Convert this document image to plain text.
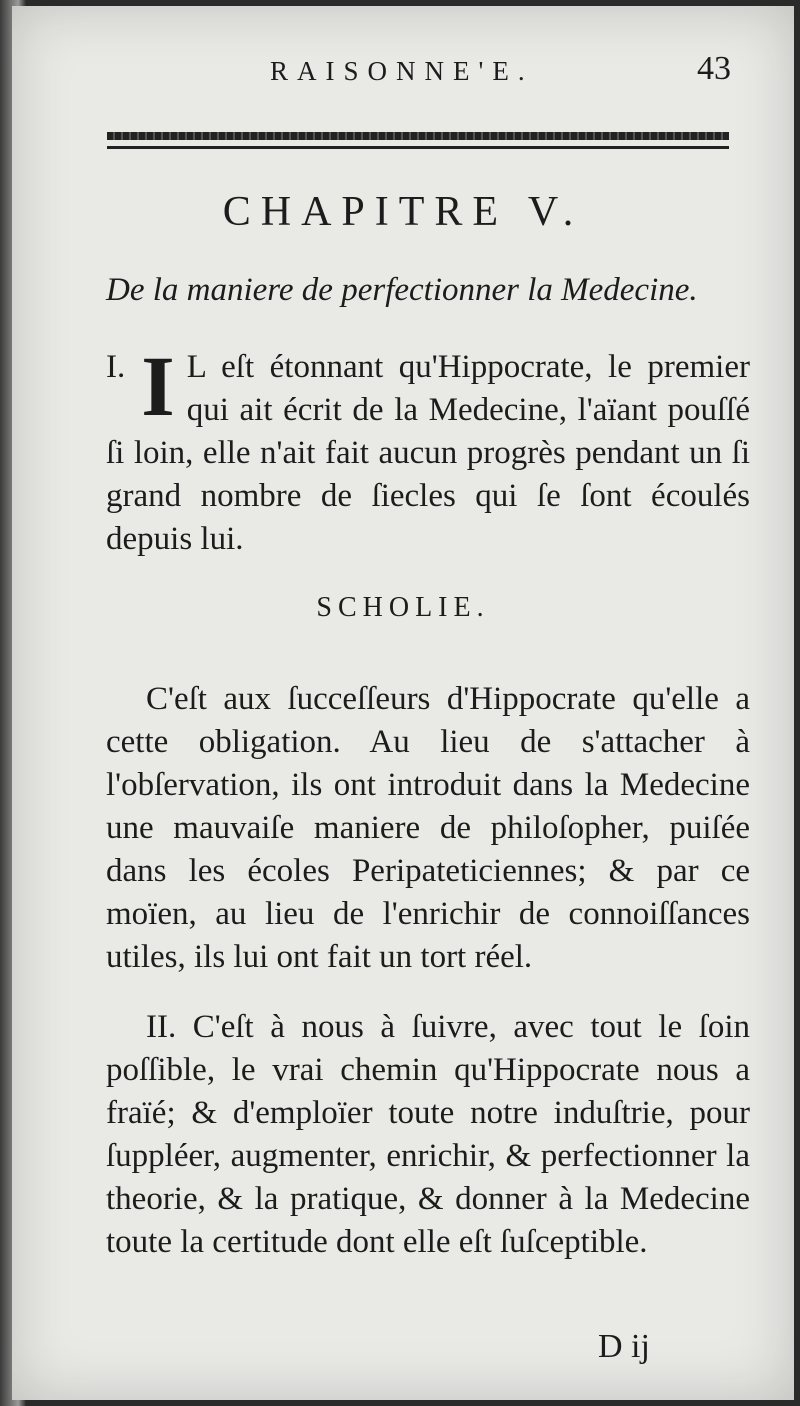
RAISONNE'E.	43
CHAPITRE V.
De la maniere de perfectionner la Medecine.
I. I L eſt étonnant qu'Hippocrate, le premier qui ait écrit de la Medecine, l'aïant pouſſé ſi loin, elle n'ait fait aucun progrès pendant un ſi grand nombre de ſiecles qui ſe ſont écoulés depuis lui.
SCHOLIE.
C'eſt aux ſucceſſeurs d'Hippocrate qu'elle a cette obligation. Au lieu de s'attacher à l'obſervation, ils ont introduit dans la Medecine une mauvaiſe maniere de philoſopher, puiſée dans les écoles Peripateticiennes; & par ce moïen, au lieu de l'enrichir de connoiſſances utiles, ils lui ont fait un tort réel.
II. C'eſt à nous à ſuivre, avec tout le ſoin poſſible, le vrai chemin qu'Hippocrate nous a fraïé; & d'emploïer toute notre induſtrie, pour ſuppléer, augmenter, enrichir, & perfectionner la theorie, & la pratique, & donner à la Medecine toute la certitude dont elle eſt ſuſceptible.
D ij
